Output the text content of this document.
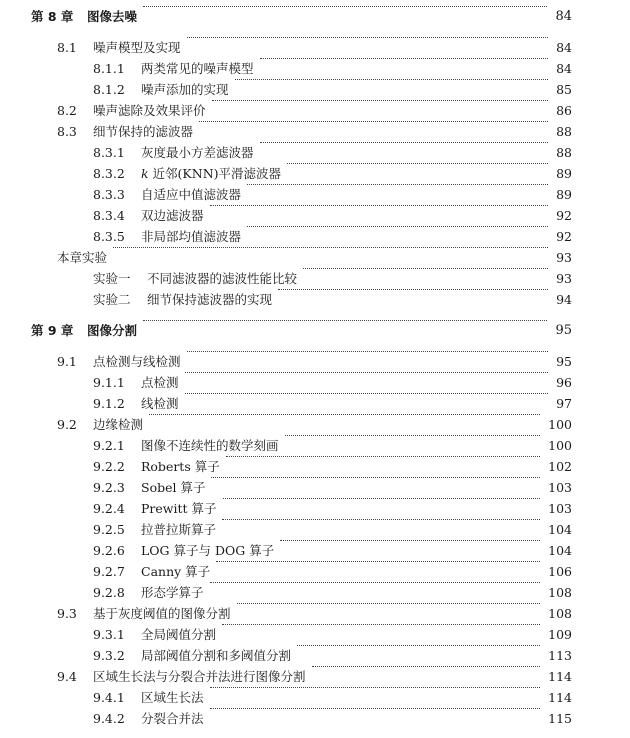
第 8 章 图像去噪	84
8.1 噪声模型及实现	84
8.1.1 两类常见的噪声模型	84
8.1.2 噪声添加的实现	85
8.2 噪声滤除及效果评价	86
8.3 细节保持的滤波器	88
8.3.1 灰度最小方差滤波器	88
8.3.2 k 近邻(KNN)平滑滤波器	89
8.3.3 自适应中值滤波器	89
8.3.4 双边滤波器	92
8.3.5 非局部均值滤波器	92
本章实验	93
实验一 不同滤波器的滤波性能比较	93
实验二 细节保持滤波器的实现	94
第 9 章 图像分割	95
9.1 点检测与线检测	95
9.1.1 点检测	96
9.1.2 线检测	97
9.2 边缘检测	100
9.2.1 图像不连续性的数学刻画	100
9.2.2 Roberts 算子	102
9.2.3 Sobel 算子	103
9.2.4 Prewitt 算子	103
9.2.5 拉普拉斯算子	104
9.2.6 LOG 算子与 DOG 算子	104
9.2.7 Canny 算子	106
9.2.8 形态学算子	108
9.3 基于灰度阈值的图像分割	108
9.3.1 全局阈值分割	109
9.3.2 局部阈值分割和多阈值分割	113
9.4 区域生长法与分裂合并法进行图像分割	114
9.4.1 区域生长法	114
9.4.2 分裂合并法	115
